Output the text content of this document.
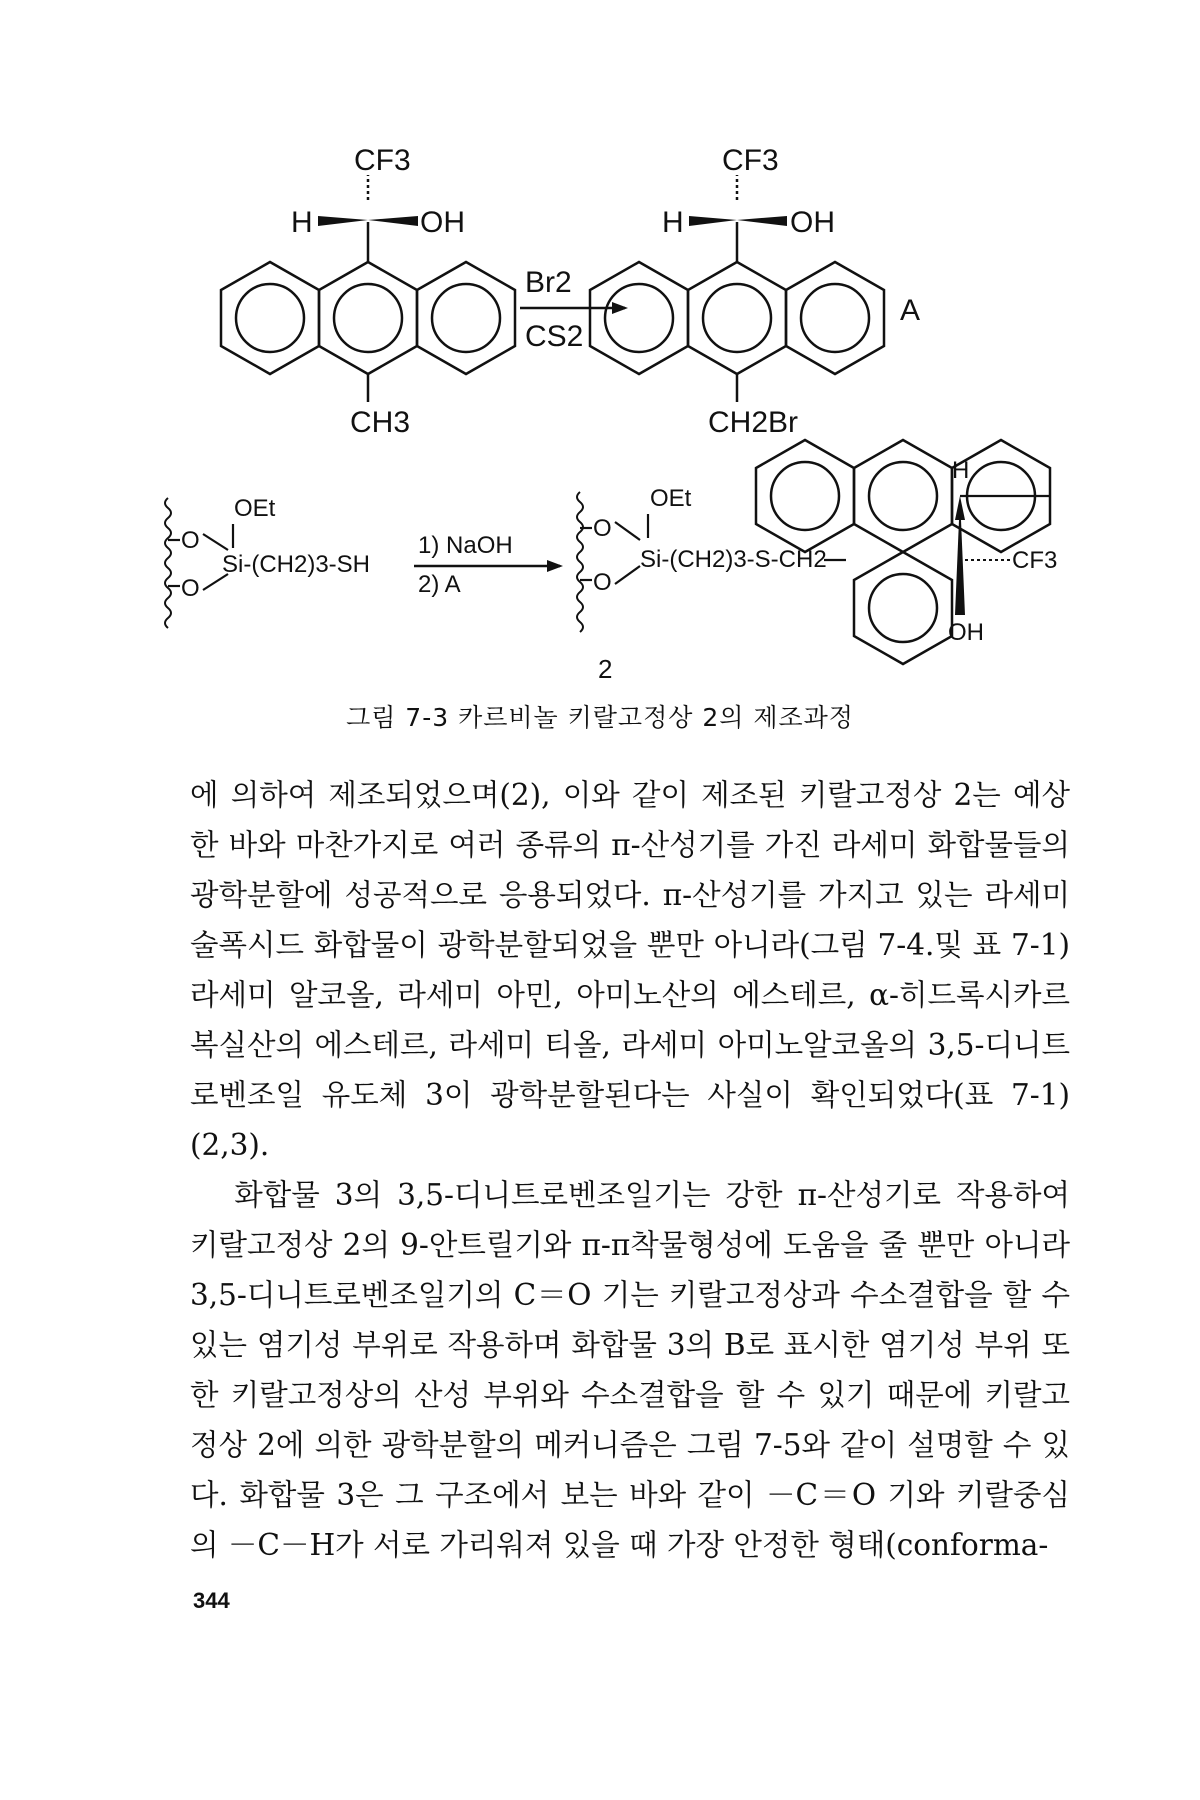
CF3
H	OH
CH3
Br2
CS2
CF3
H	OH
CH2Br
A
OEt
O
O
Si-(CH2)3-SH
1) NaOH
2) A
OEt
O
O
Si-(CH2)3-S-CH2
H
CF3
OH
2
그림 7-3 카르비놀 키랄고정상 2의 제조과정

에 의하여 제조되었으며(2), 이와 같이 제조된 키랄고정상 2는 예상한 바와 마찬가지로 여러 종류의 π-산성기를 가진 라세미 화합물들의 광학분할에 성공적으로 응용되었다. π-산성기를 가지고 있는 라세미 술폭시드 화합물이 광학분할되었을 뿐만 아니라(그림 7-4.및 표 7-1) 라세미 알코올, 라세미 아민, 아미노산의 에스테르, α-히드록시카르복실산의 에스테르, 라세미 티올, 라세미 아미노알코올의 3,5-디니트로벤조일 유도체 3이 광학분할된다는 사실이 확인되었다(표 7-1) (2,3).

화합물 3의 3,5-디니트로벤조일기는 강한 π-산성기로 작용하여 키랄고정상 2의 9-안트릴기와 π-π착물형성에 도움을 줄 뿐만 아니라 3,5-디니트로벤조일기의 C＝O 기는 키랄고정상과 수소결합을 할 수 있는 염기성 부위로 작용하며 화합물 3의 B로 표시한 염기성 부위 또한 키랄고정상의 산성 부위와 수소결합을 할 수 있기 때문에 키랄고정상 2에 의한 광학분할의 메커니즘은 그림 7-5와 같이 설명할 수 있다. 화합물 3은 그 구조에서 보는 바와 같이 －C＝O 기와 키랄중심의 －C－H가 서로 가리워져 있을 때 가장 안정한 형태(conforma-

344
